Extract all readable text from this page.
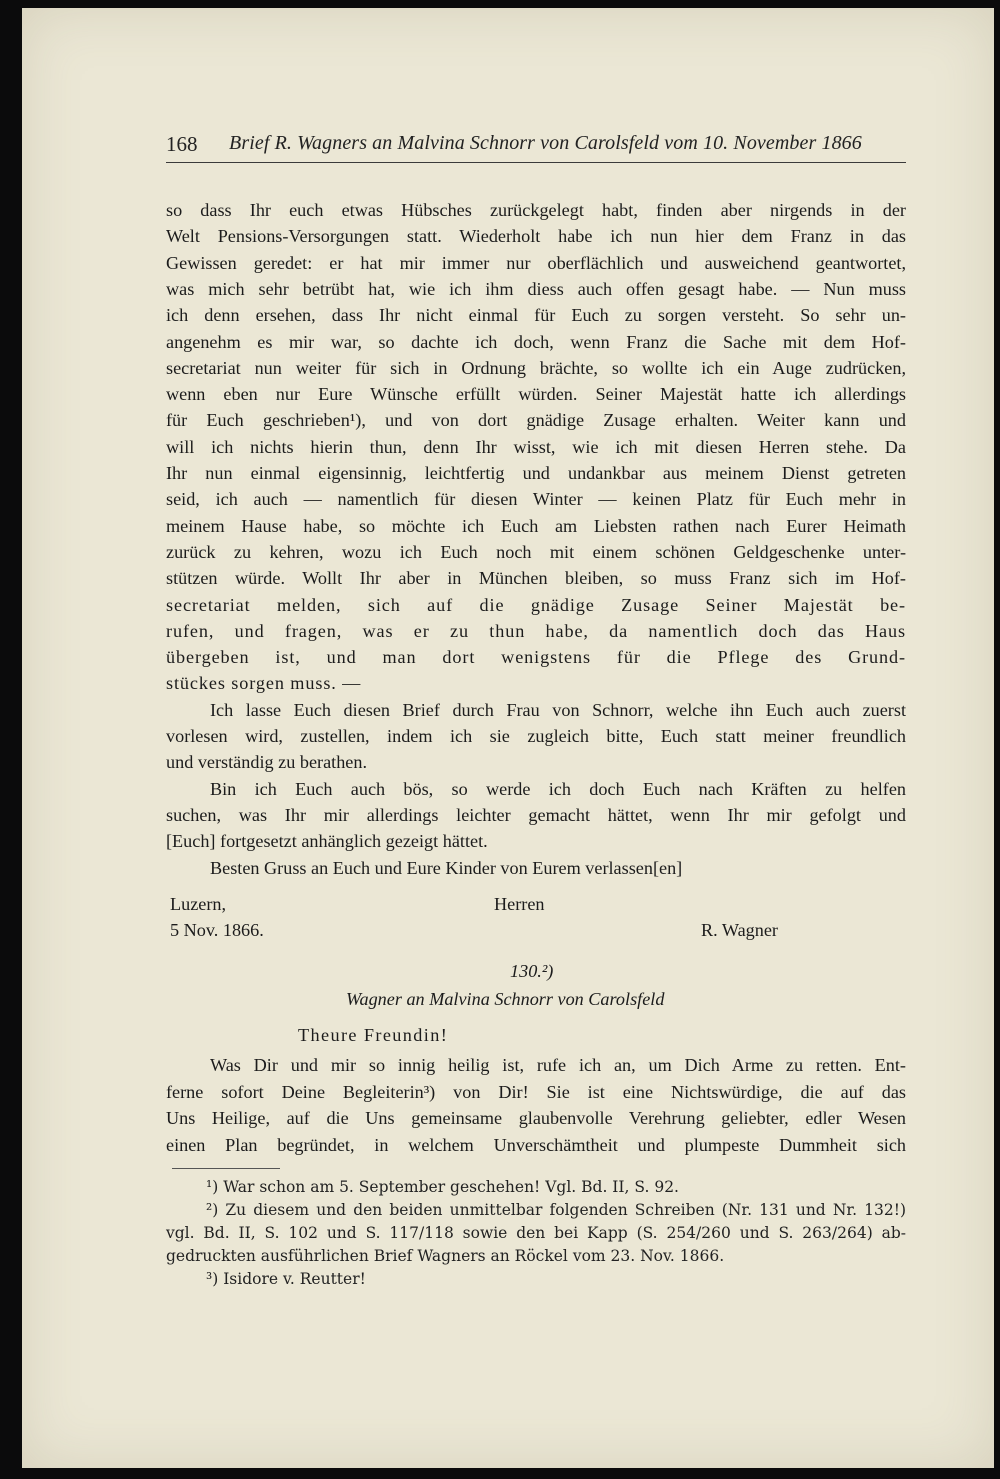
168 Brief R. Wagners an Malvina Schnorr von Carolsfeld vom 10. November 1866
so dass Ihr euch etwas Hübsches zurückgelegt habt, finden aber nirgends in der
Welt Pensions-Versorgungen statt. Wiederholt habe ich nun hier dem Franz in das
Gewissen geredet: er hat mir immer nur oberflächlich und ausweichend geantwortet,
was mich sehr betrübt hat, wie ich ihm diess auch offen gesagt habe. — Nun muss
ich denn ersehen, dass Ihr nicht einmal für Euch zu sorgen versteht. So sehr un-
angenehm es mir war, so dachte ich doch, wenn Franz die Sache mit dem Hof-
secretariat nun weiter für sich in Ordnung brächte, so wollte ich ein Auge zudrücken,
wenn eben nur Eure Wünsche erfüllt würden. Seiner Majestät hatte ich allerdings
für Euch geschrieben¹), und von dort gnädige Zusage erhalten. Weiter kann und
will ich nichts hierin thun, denn Ihr wisst, wie ich mit diesen Herren stehe. Da
Ihr nun einmal eigensinnig, leichtfertig und undankbar aus meinem Dienst getreten
seid, ich auch — namentlich für diesen Winter — keinen Platz für Euch mehr in
meinem Hause habe, so möchte ich Euch am Liebsten rathen nach Eurer Heimath
zurück zu kehren, wozu ich Euch noch mit einem schönen Geldgeschenke unter-
stützen würde. Wollt Ihr aber in München bleiben, so muss Franz sich im Hof-
secretariat melden, sich auf die gnädige Zusage Seiner Majestät be-
rufen, und fragen, was er zu thun habe, da namentlich doch das Haus
übergeben ist, und man dort wenigstens für die Pflege des Grund-
stückes sorgen muss. —
Ich lasse Euch diesen Brief durch Frau von Schnorr, welche ihn Euch auch zuerst
vorlesen wird, zustellen, indem ich sie zugleich bitte, Euch statt meiner freundlich
und verständig zu berathen.
Bin ich Euch auch bös, so werde ich doch Euch nach Kräften zu helfen
suchen, was Ihr mir allerdings leichter gemacht hättet, wenn Ihr mir gefolgt und
[Euch] fortgesetzt anhänglich gezeigt hättet.
Besten Gruss an Euch und Eure Kinder von Eurem verlassen[en]
Luzern,	Herren
5 Nov. 1866.	R. Wagner
130.²)
Wagner an Malvina Schnorr von Carolsfeld
Theure Freundin!
Was Dir und mir so innig heilig ist, rufe ich an, um Dich Arme zu retten. Ent-
ferne sofort Deine Begleiterin³) von Dir! Sie ist eine Nichtswürdige, die auf das
Uns Heilige, auf die Uns gemeinsame glaubenvolle Verehrung geliebter, edler Wesen
einen Plan begründet, in welchem Unverschämtheit und plumpeste Dummheit sich
¹) War schon am 5. September geschehen! Vgl. Bd. II, S. 92.
²) Zu diesem und den beiden unmittelbar folgenden Schreiben (Nr. 131 und Nr. 132!)
vgl. Bd. II, S. 102 und S. 117/118 sowie den bei Kapp (S. 254/260 und S. 263/264) ab-
gedruckten ausführlichen Brief Wagners an Röckel vom 23. Nov. 1866.
³) Isidore v. Reutter!
